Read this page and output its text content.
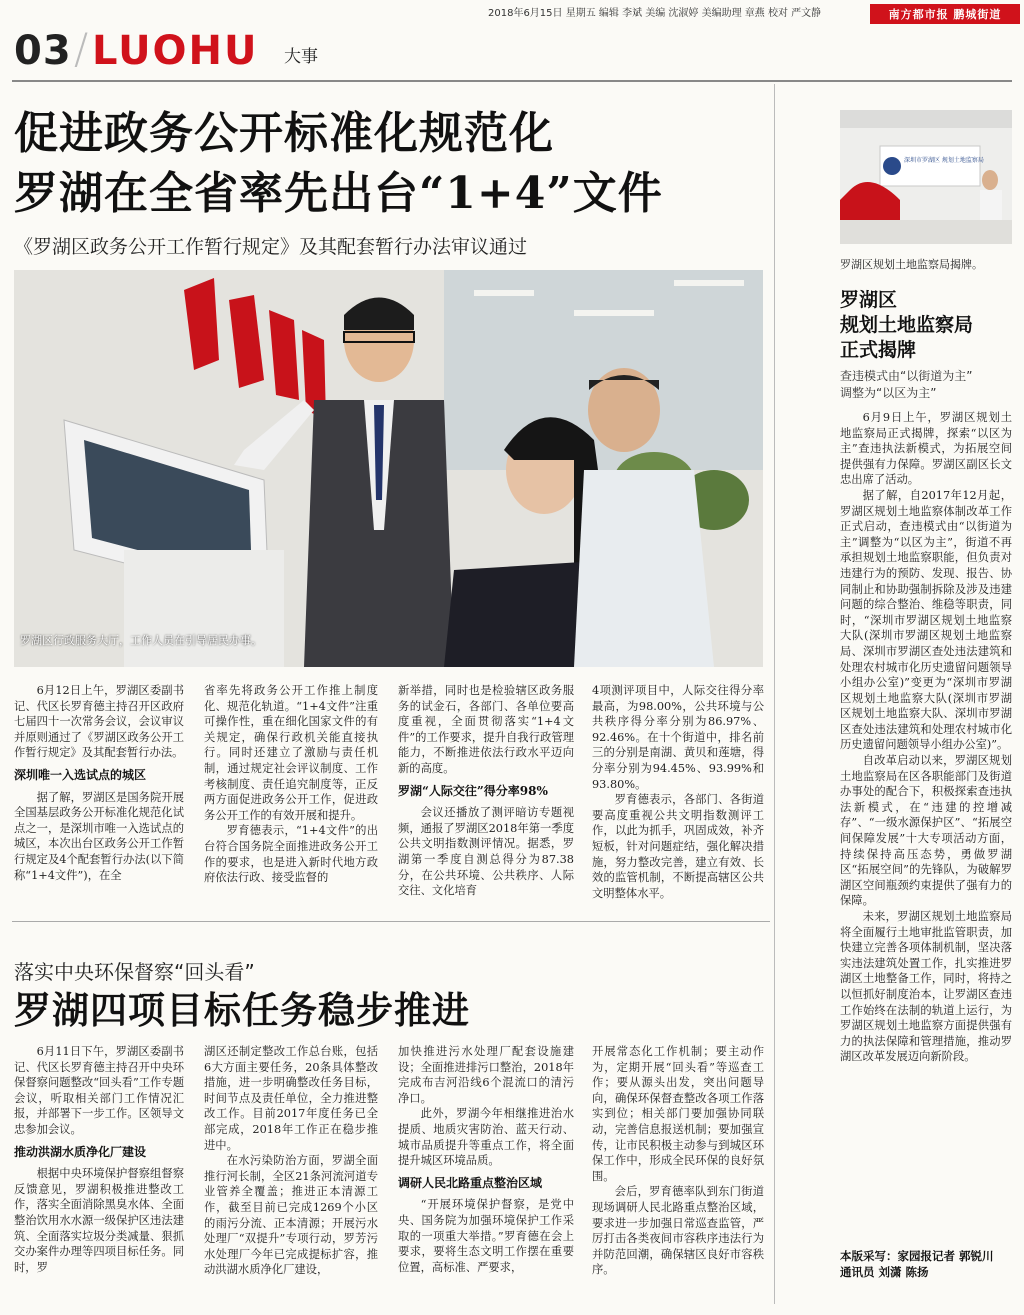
2018年6月15日 星期五 编辑 李斌 美编 沈淑婷 美编助理 章燕 校对 严文静	南方都市报 鹏城街道
03 / LUOHU 大事
促进政务公开标准化规范化
罗湖在全省率先出台“1+4”文件
《罗湖区政务公开工作暂行规定》及其配套暂行办法审议通过
罗湖区行政服务大厅，工作人员在引导居民办事。

6月12日上午，罗湖区委副书记、代区长罗育德主持召开区政府七届四十一次常务会议，会议审议并原则通过了《罗湖区政务公开工作暂行规定》及其配套暂行办法。

深圳唯一入选试点的城区

据了解，罗湖区是国务院开展全国基层政务公开标准化规范化试点之一，是深圳市唯一入选试点的城区，本次出台区政务公开工作暂行规定及4个配套暂行办法(以下简称“1+4文件”)，在全

省率先将政务公开工作推上制度化、规范化轨道。“1+4文件”注重可操作性，重在细化国家文件的有关规定，确保行政机关能直接执行。同时还建立了激励与责任机制，通过规定社会评议制度、工作考核制度、责任追究制度等，正反两方面促进政务公开工作，促进政务公开工作的有效开展和提升。

罗育德表示，“1+4文件”的出台符合国务院全面推进政务公开工作的要求，也是进入新时代地方政府依法行政、接受监督的

新举措，同时也是检验辖区政务服务的试金石，各部门、各单位要高度重视，全面贯彻落实“1+4文件”的工作要求，提升自我行政管理能力，不断推进依法行政水平迈向新的高度。

罗湖“人际交往”得分率98%

会议还播放了测评暗访专题视频，通报了罗湖区2018年第一季度公共文明指数测评情况。据悉，罗湖第一季度自测总得分为87.38分，在公共环境、公共秩序、人际交往、文化培育

4项测评项目中，人际交往得分率最高，为98.00%，公共环境与公共秩序得分率分别为86.97%、92.46%。在十个街道中，排名前三的分别是南湖、黄贝和莲塘，得分率分别为94.45%、93.99%和93.80%。

罗育德表示，各部门、各街道要高度重视公共文明指数测评工作，以此为抓手，巩固成效，补齐短板，针对问题症结，强化解决措施，努力整改完善，建立有效、长效的监管机制，不断提高辖区公共文明整体水平。

落实中央环保督察“回头看”
罗湖四项目标任务稳步推进

6月11日下午，罗湖区委副书记、代区长罗育德主持召开中央环保督察问题整改“回头看”工作专题会议，听取相关部门工作情况汇报，并部署下一步工作。区领导文忠参加会议。

推动洪湖水质净化厂建设

根据中央环境保护督察组督察反馈意见，罗湖积极推进整改工作，落实全面消除黑臭水体、全面整治饮用水水源一级保护区违法建筑、全面落实垃圾分类减量、狠抓交办案件办理等四项目标任务。同时，罗

湖区还制定整改工作总台账，包括6大方面主要任务，20条具体整改措施，进一步明确整改任务目标，时间节点及责任单位，全力推进整改工作。目前2017年度任务已全部完成，2018年工作正在稳步推进中。

在水污染防治方面，罗湖全面推行河长制，全区21条河流河道专业管养全覆盖；推进正本清源工作，截至目前已完成1269个小区的雨污分流、正本清源；开展污水处理厂“双提升”专项行动，罗芳污水处理厂今年已完成提标扩容，推动洪湖水质净化厂建设，

加快推进污水处理厂配套设施建设；全面推进排污口整治，2018年完成布吉河沿线6个混流口的清污净口。

此外，罗湖今年相继推进治水提质、地质灾害防治、蓝天行动、城市品质提升等重点工作，将全面提升城区环境品质。

调研人民北路重点整治区域

“开展环境保护督察，是党中央、国务院为加强环境保护工作采取的一项重大举措。”罗育德在会上要求，要将生态文明工作摆在重要位置，高标准、严要求，

开展常态化工作机制；要主动作为，定期开展“回头看”等巡查工作；要从源头出发，突出问题导向，确保环保督查整改各项工作落实到位；相关部门要加强协同联动，完善信息报送机制；要加强宣传，让市民积极主动参与到城区环保工作中，形成全民环保的良好氛围。

会后，罗育德率队到东门街道现场调研人民北路重点整治区域，要求进一步加强日常巡查监管，严厉打击各类夜间市容秩序违法行为并防范回潮，确保辖区良好市容秩序。

深圳市罗湖区 规划土地监察局
罗湖区规划土地监察局揭牌。
罗湖区
规划土地监察局
正式揭牌
查违模式由“以街道为主”
调整为“以区为主”

6月9日上午，罗湖区规划土地监察局正式揭牌，探索“以区为主”查违执法新模式，为拓展空间提供强有力保障。罗湖区副区长文忠出席了活动。

据了解，自2017年12月起，罗湖区规划土地监察体制改革工作正式启动，查违模式由“以街道为主”调整为“以区为主”，街道不再承担规划土地监察职能，但负责对违建行为的预防、发现、报告、协同制止和协助强制拆除及涉及违建问题的综合整治、维稳等职责，同时，“深圳市罗湖区规划土地监察大队(深圳市罗湖区规划土地监察局、深圳市罗湖区查处违法建筑和处理农村城市化历史遗留问题领导小组办公室)”变更为“深圳市罗湖区规划土地监察大队(深圳市罗湖区规划土地监察大队、深圳市罗湖区查处违法建筑和处理农村城市化历史遗留问题领导小组办公室)”。

自改革启动以来，罗湖区规划土地监察局在区各职能部门及街道办事处的配合下，积极探索查违执法新模式，在“违建的控增减存”、“一级水源保护区”、“拓展空间保障发展”十大专项活动方面，持续保持高压态势，勇做罗湖区“拓展空间”的先锋队，为破解罗湖区空间瓶颈约束提供了强有力的保障。

未来，罗湖区规划土地监察局将全面履行土地审批监管职责，加快建立完善各项体制机制，坚决落实违法建筑处置工作，扎实推进罗湖区土地整备工作，同时，将持之以恒抓好制度治本，让罗湖区查违工作始终在法制的轨道上运行，为罗湖区规划土地监察方面提供强有力的执法保障和管理措施，推动罗湖区改革发展迈向新阶段。

本版采写：家园报记者 郭锐川
通讯员 刘潇 陈扬
